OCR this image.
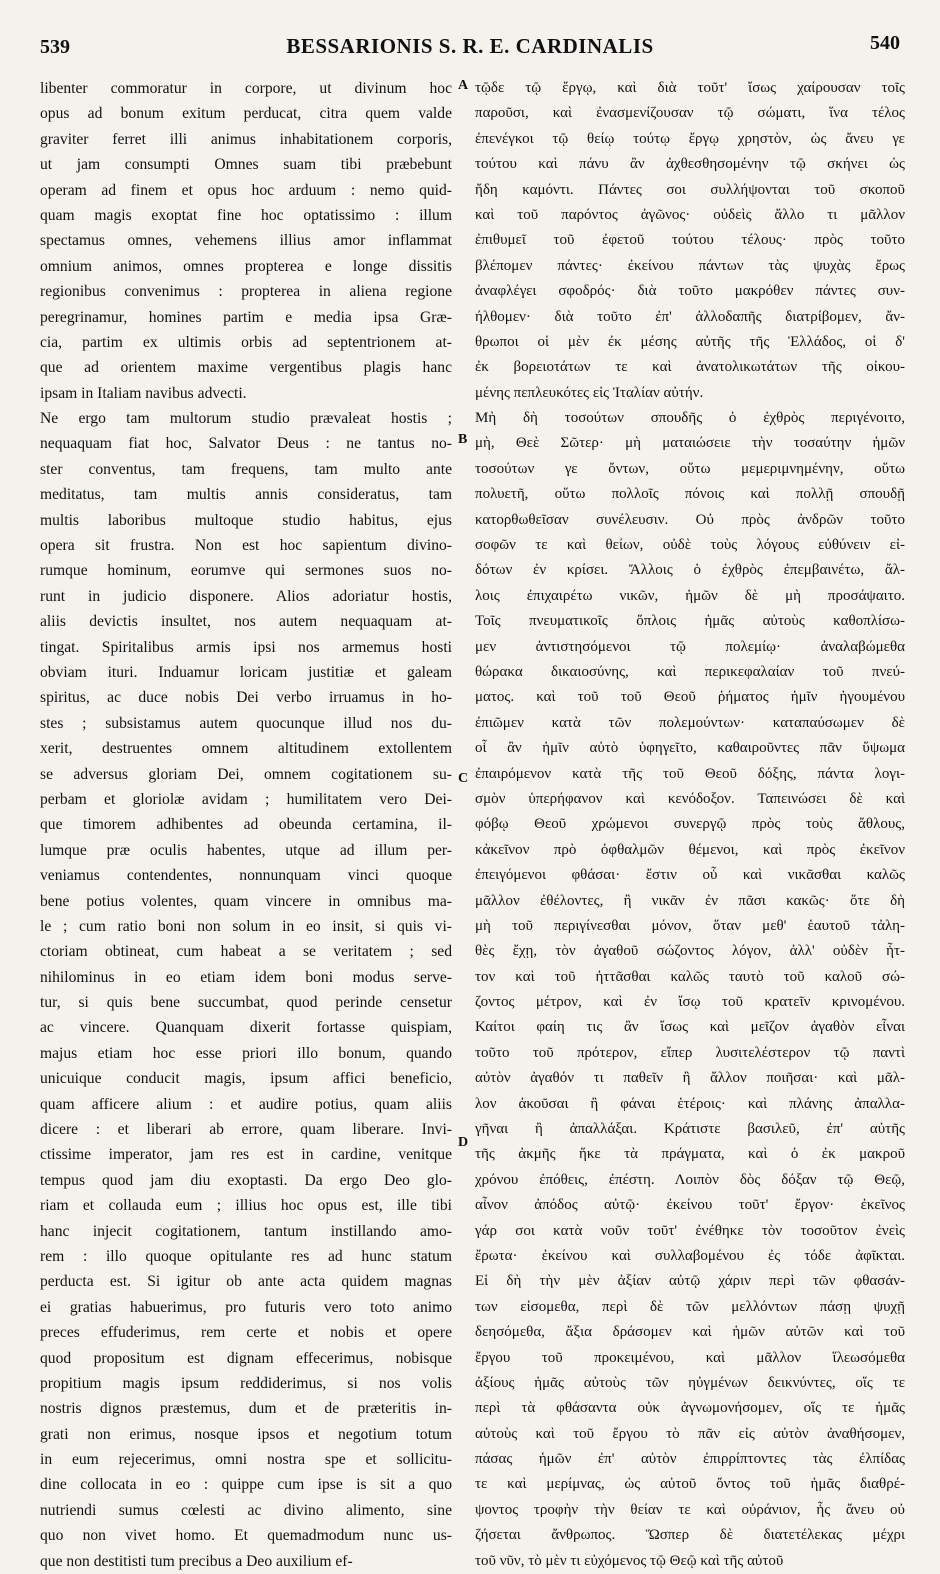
539	BESSARIONIS S. R. E. CARDINALIS	540
libenter commoratur in corpore, ut divinum hoc
opus ad bonum exitum perducat, citra quem valde
graviter ferret illi animus inhabitationem corporis,
ut jam consumpti Omnes suam tibi præbebunt
operam ad finem et opus hoc arduum : nemo quid-
quam magis exoptat fine hoc optatissimo : illum
spectamus omnes, vehemens illius amor inflammat
omnium animos, omnes propterea e longe dissitis
regionibus convenimus : propterea in aliena regione
peregrinamur, homines partim e media ipsa Græ-
cia, partim ex ultimis orbis ad septentrionem at-
que ad orientem maxime vergentibus plagis hanc
ipsam in Italiam navibus advecti.
Ne ergo tam multorum studio prævaleat hostis ;
nequaquam fiat hoc, Salvator Deus : ne tantus no-
ster conventus, tam frequens, tam multo ante
meditatus, tam multis annis consideratus, tam
multis laboribus multoque studio habitus, ejus
opera sit frustra. Non est hoc sapientum divino-
rumque hominum, eorumve qui sermones suos no-
runt in judicio disponere. Alios adoriatur hostis,
aliis devictis insultet, nos autem nequaquam at-
tingat. Spiritalibus armis ipsi nos armemus hosti
obviam ituri. Induamur loricam justitiæ et galeam
spiritus, ac duce nobis Dei verbo irruamus in ho-
stes ; subsistamus autem quocunque illud nos du-
xerit, destruentes omnem altitudinem extollentem
se adversus gloriam Dei, omnem cogitationem su-
perbam et gloriolæ avidam ; humilitatem vero Dei-
que timorem adhibentes ad obeunda certamina, il-
lumque præ oculis habentes, utque ad illum per-
veniamus contendentes, nonnunquam vinci quoque
bene potius volentes, quam vincere in omnibus ma-
le ; cum ratio boni non solum in eo insit, si quis vi-
ctoriam obtineat, cum habeat a se veritatem ; sed
nihilominus in eo etiam idem boni modus serve-
tur, si quis bene succumbat, quod perinde censetur
ac vincere. Quanquam dixerit fortasse quispiam,
majus etiam hoc esse priori illo bonum, quando
unicuique conducit magis, ipsum affici beneficio,
quam afficere alium : et audire potius, quam aliis
dicere : et liberari ab errore, quam liberare. Invi-
ctissime imperator, jam res est in cardine, venitque
tempus quod jam diu exoptasti. Da ergo Deo glo-
riam et collauda eum ; illius hoc opus est, ille tibi
hanc injecit cogitationem, tantum instillando amo-
rem : illo quoque opitulante res ad hunc statum
perducta est. Si igitur ob ante acta quidem magnas
ei gratias habuerimus, pro futuris vero toto animo
preces effuderimus, rem certe et nobis et opere
quod propositum est dignam effecerimus, nobisque
propitium magis ipsum reddiderimus, si nos volis
nostris dignos præstemus, dum et de præteritis in-
grati non erimus, nosque ipsos et negotium totum
in eum rejecerimus, omni nostra spe et sollicitu-
dine collocata in eo : quippe cum ipse is sit a quo
nutriendi sumus cœlesti ac divino alimento, sine
quo non vivet homo. Et quemadmodum nunc us-
que non destitisti tum precibus a Deo auxilium ef-
τῷδε τῷ ἔργῳ, καὶ διὰ τοῦτ' ἴσως χαίρουσαν τοῖς
παροῦσι, καὶ ἐνασμενίζουσαν τῷ σώματι, ἵνα τέλος
ἐπενέγκοι τῷ θείῳ τούτῳ ἔργῳ χρηστὸν, ὡς ἄνευ γε
τούτου καὶ πάνυ ἂν ἀχθεσθησομένην τῷ σκήνει ὡς
ἤδη καμόντι. Πάντες σοι συλλήψονται τοῦ σκοποῦ
καὶ τοῦ παρόντος ἀγῶνος· οὐδεὶς ἄλλο τι μᾶλλον
ἐπιθυμεῖ τοῦ ἐφετοῦ τούτου τέλους· πρὸς τοῦτο
βλέπομεν πάντες· ἐκείνου πάντων τὰς ψυχὰς ἔρως
ἀναφλέγει σφοδρός· διὰ τοῦτο μακρόθεν πάντες συν-
ήλθομεν· διὰ τοῦτο ἐπ' ἀλλοδαπῆς διατρίβομεν, ἄν-
θρωποι οἱ μὲν ἐκ μέσης αὐτῆς τῆς Ἑλλάδος, οἱ δ'
ἐκ βορειοτάτων τε καὶ ἀνατολικωτάτων τῆς οἰκου-
μένης πεπλευκότες εἰς Ἰταλίαν αὐτήν.
Μὴ δὴ τοσούτων σπουδῆς ὁ ἐχθρὸς περιγένοιτο,
μὴ, Θεὲ Σῶτερ· μὴ ματαιώσειε τὴν τοσαύτην ἡμῶν
τοσούτων γε ὄντων, οὕτω μεμεριμνημένην, οὕτω
πολυετῆ, οὕτω πολλοῖς πόνοις καὶ πολλῇ σπουδῇ
κατορθωθεῖσαν συνέλευσιν. Οὐ πρὸς ἀνδρῶν τοῦτο
σοφῶν τε καὶ θείων, οὐδὲ τοὺς λόγους εὐθύνειν εἰ-
δότων ἐν κρίσει. Ἄλλοις ὁ ἐχθρὸς ἐπεμβαινέτω, ἄλ-
λοις ἐπιχαιρέτω νικῶν, ἡμῶν δὲ μὴ προσάψαιτο.
Τοῖς πνευματικοῖς ὅπλοις ἡμᾶς αὐτοὺς καθοπλίσω-
μεν ἀντιστησόμενοι τῷ πολεμίῳ· ἀναλαβώμεθα
θώρακα δικαιοσύνης, καὶ περικεφαλαίαν τοῦ πνεύ-
ματος. καὶ τοῦ τοῦ Θεοῦ ῥήματος ἡμῖν ἡγουμένου
ἐπιῶμεν κατὰ τῶν πολεμούντων· καταπαύσωμεν δὲ
οἷ ἂν ἡμῖν αὐτὸ ὑφηγεῖτο, καθαιροῦντες πᾶν ὕψωμα
ἐπαιρόμενον κατὰ τῆς τοῦ Θεοῦ δόξης, πάντα λογι-
σμὸν ὑπερήφανον καὶ κενόδοξον. Ταπεινώσει δὲ καὶ
φόβῳ Θεοῦ χρώμενοι συνεργῷ πρὸς τοὺς ἄθλους,
κἀκεῖνον πρὸ ὀφθαλμῶν θέμενοι, καὶ πρὸς ἐκεῖνον
ἐπειγόμενοι φθάσαι· ἔστιν οὗ καὶ νικᾶσθαι καλῶς
μᾶλλον ἐθέλοντες, ἢ νικᾶν ἐν πᾶσι κακῶς· ὅτε δὴ
μὴ τοῦ περιγίνεσθαι μόνον, ὅταν μεθ' ἑαυτοῦ τἀλη-
θὲς ἔχῃ, τὸν ἀγαθοῦ σώζοντος λόγον, ἀλλ' οὐδὲν ἧτ-
τον καὶ τοῦ ἡττᾶσθαι καλῶς ταυτὸ τοῦ καλοῦ σώ-
ζοντος μέτρον, καὶ ἐν ἴσῳ τοῦ κρατεῖν κρινομένου.
Καίτοι φαίη τις ἂν ἴσως καὶ μεῖζον ἀγαθὸν εἶναι
τοῦτο τοῦ πρότερον, εἴπερ λυσιτελέστερον τῷ παντὶ
αὐτὸν ἀγαθόν τι παθεῖν ἢ ἄλλον ποιῆσαι· καὶ μᾶλ-
λον ἀκοῦσαι ἢ φάναι ἑτέροις· καὶ πλάνης ἀπαλλα-
γῆναι ἢ ἀπαλλάξαι. Κράτιστε βασιλεῦ, ἐπ' αὐτῆς
τῆς ἀκμῆς ἥκε τὰ πράγματα, καὶ ὁ ἐκ μακροῦ
χρόνου ἐπόθεις, ἐπέστη. Λοιπὸν δὸς δόξαν τῷ Θεῷ,
αἶνον ἀπόδος αὐτῷ· ἐκείνου τοῦτ' ἔργον· ἐκεῖνος
γάρ σοι κατὰ νοῦν τοῦτ' ἐνέθηκε τὸν τοσοῦτον ἐνεὶς
ἔρωτα· ἐκείνου καὶ συλλαβομένου ἐς τόδε ἀφῖκται.
Εἰ δὴ τὴν μὲν ἀξίαν αὐτῷ χάριν περὶ τῶν φθασάν-
των εἰσομεθα, περὶ δὲ τῶν μελλόντων πάσῃ ψυχῇ
δεησόμεθα, ἄξια δράσομεν καὶ ἡμῶν αὐτῶν καὶ τοῦ
ἔργου τοῦ προκειμένου, καὶ μᾶλλον ἵλεωσόμεθα
ἀξίους ἡμᾶς αὐτοὺς τῶν ηὐγμένων δεικνύντες, οἵς τε
περὶ τὰ φθάσαντα οὐκ ἀγνωμονήσομεν, οἵς τε ἡμᾶς
αὐτοὺς καὶ τοῦ ἔργου τὸ πᾶν εἰς αὐτὸν ἀναθήσομεν,
πάσας ἡμῶν ἐπ' αὐτὸν ἐπιρρίπτοντες τὰς ἐλπίδας
τε καὶ μερίμνας, ὡς αὐτοῦ ὄντος τοῦ ἡμᾶς διαθρέ-
ψοντος τροφὴν τὴν θείαν τε καὶ οὐράνιον, ἧς ἄνευ οὐ
ζήσεται ἄνθρωπος. Ὥσπερ δὲ διατετέλεκας μέχρι
τοῦ νῦν, τὸ μὲν τι εὐχόμενος τῷ Θεῷ καὶ τῆς αὐτοῦ
A
B
C
D
